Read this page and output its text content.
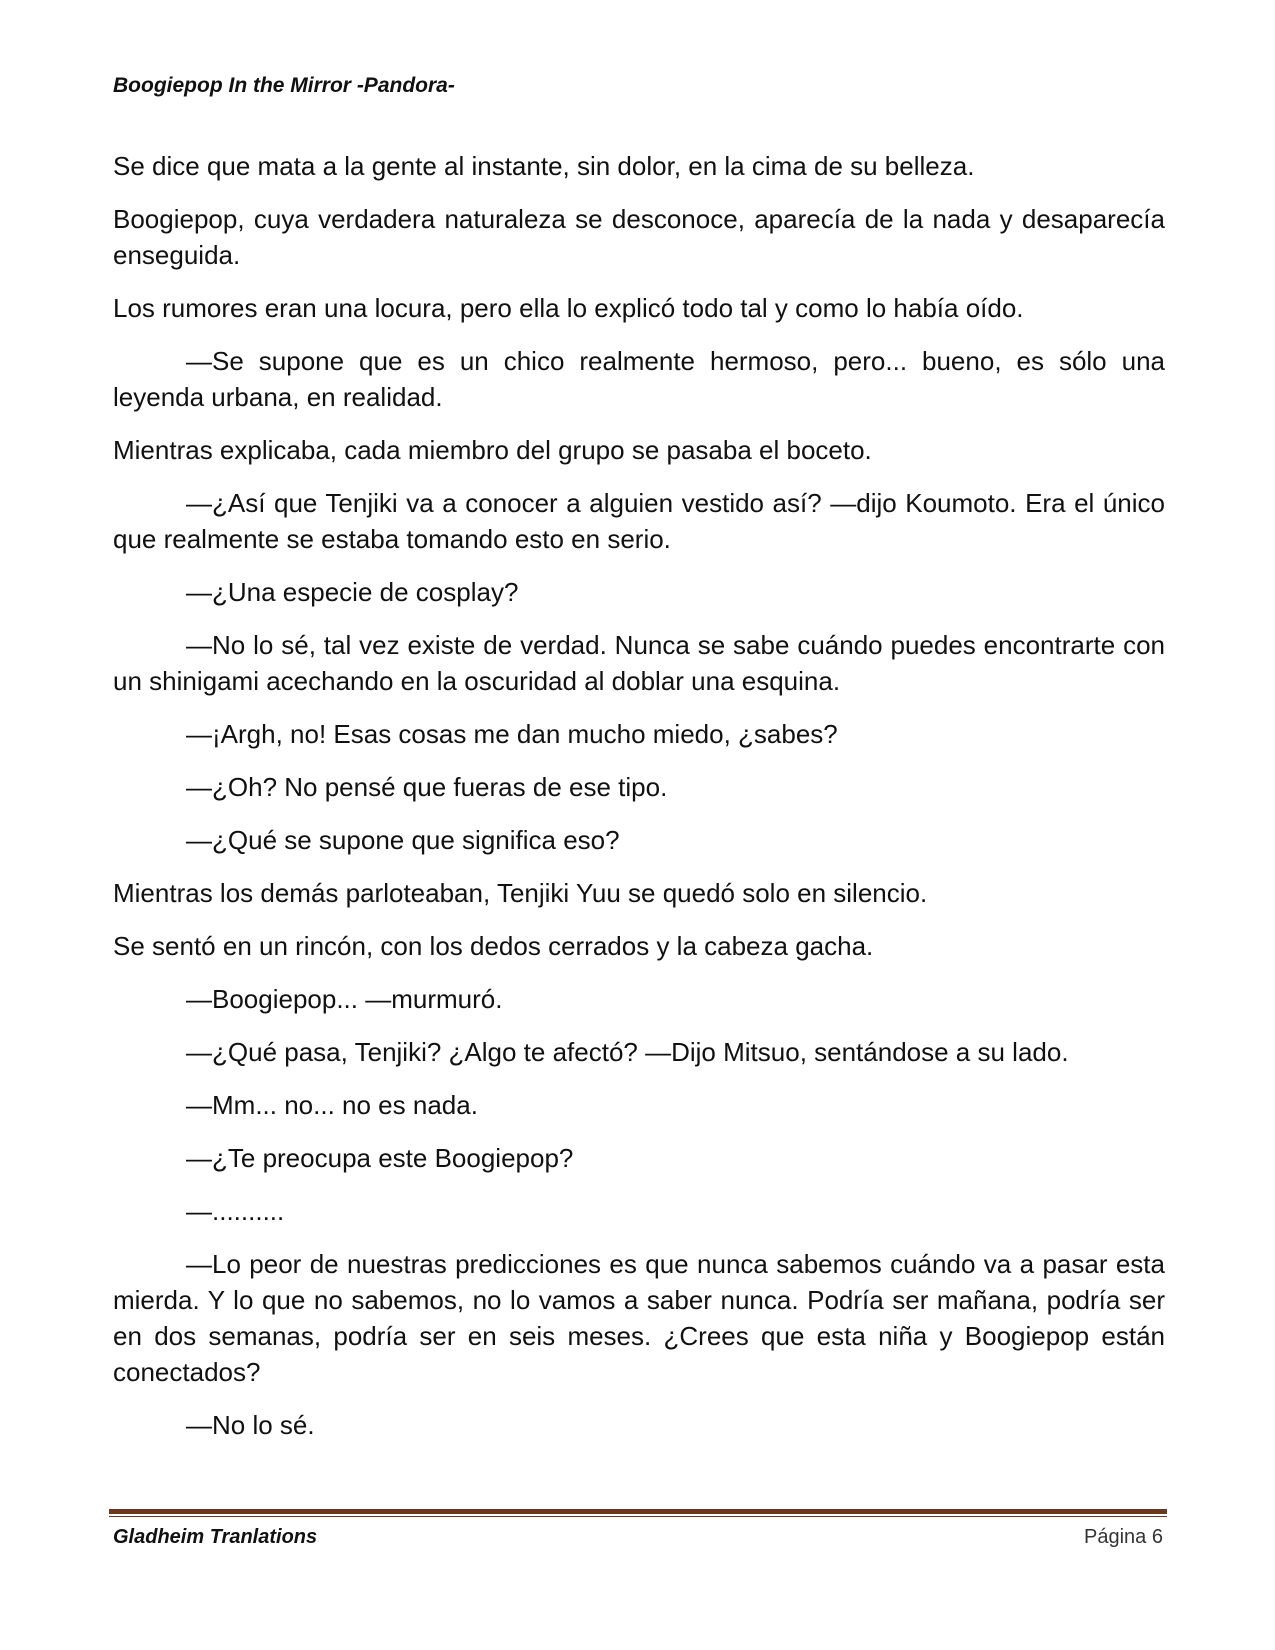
Boogiepop In the Mirror -Pandora-

Se dice que mata a la gente al instante, sin dolor, en la cima de su belleza.

Boogiepop, cuya verdadera naturaleza se desconoce, aparecía de la nada y desaparecía enseguida.

Los rumores eran una locura, pero ella lo explicó todo tal y como lo había oído.

—Se supone que es un chico realmente hermoso, pero... bueno, es sólo una leyenda urbana, en realidad.

Mientras explicaba, cada miembro del grupo se pasaba el boceto.

—¿Así que Tenjiki va a conocer a alguien vestido así? —dijo Koumoto. Era el único que realmente se estaba tomando esto en serio.

—¿Una especie de cosplay?

—No lo sé, tal vez existe de verdad. Nunca se sabe cuándo puedes encontrarte con un shinigami acechando en la oscuridad al doblar una esquina.

—¡Argh, no! Esas cosas me dan mucho miedo, ¿sabes?

—¿Oh? No pensé que fueras de ese tipo.

—¿Qué se supone que significa eso?

Mientras los demás parloteaban, Tenjiki Yuu se quedó solo en silencio.

Se sentó en un rincón, con los dedos cerrados y la cabeza gacha.

—Boogiepop... —murmuró.

—¿Qué pasa, Tenjiki? ¿Algo te afectó? —Dijo Mitsuo, sentándose a su lado.

—Mm... no... no es nada.

—¿Te preocupa este Boogiepop?

—..........

—Lo peor de nuestras predicciones es que nunca sabemos cuándo va a pasar esta mierda. Y lo que no sabemos, no lo vamos a saber nunca. Podría ser mañana, podría ser en dos semanas, podría ser en seis meses. ¿Crees que esta niña y Boogiepop están conectados?

—No lo sé.

Gladheim Tranlations	Página 6
